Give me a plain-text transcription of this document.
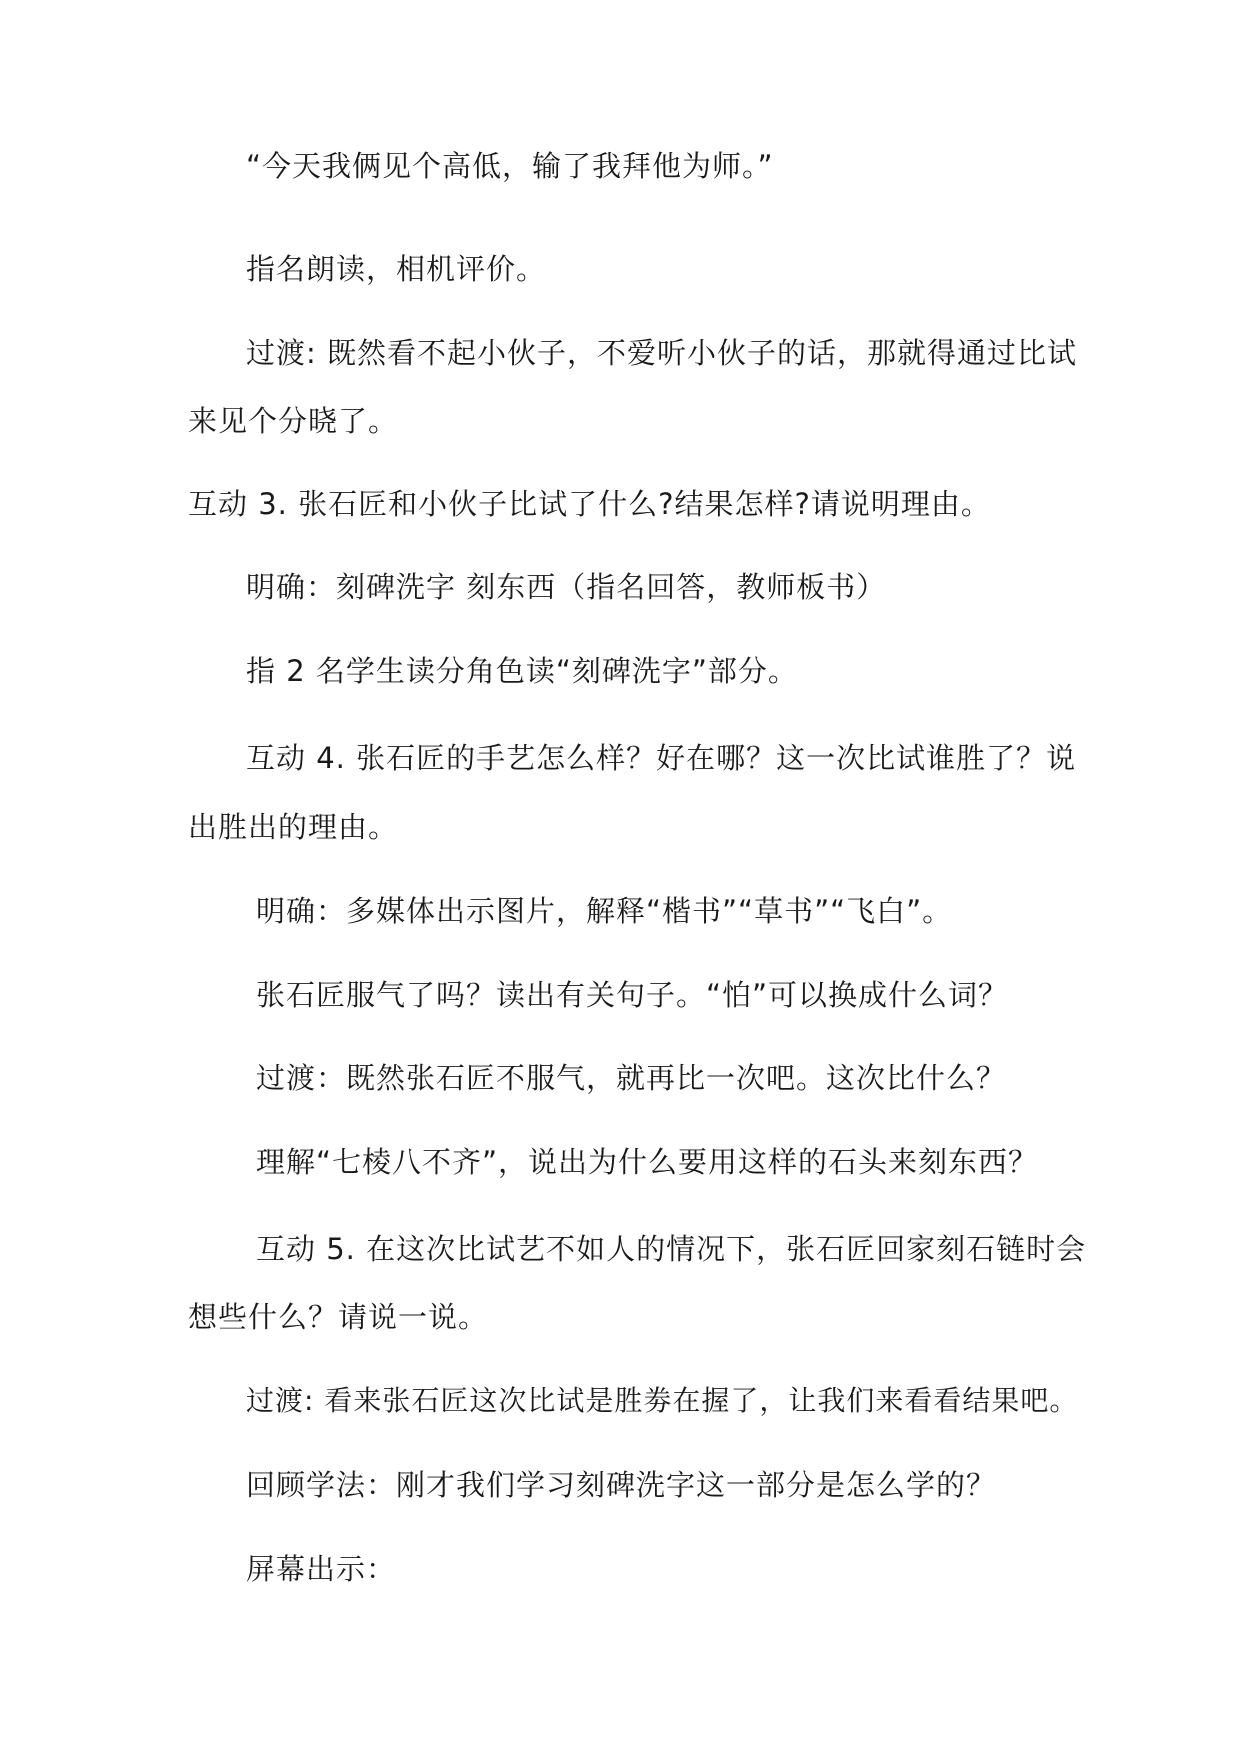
“今天我俩见个高低，输了我拜他为师。”
指名朗读，相机评价。
过渡: 既然看不起小伙子，不爱听小伙子的话，那就得通过比试
来见个分晓了。
互动 3. 张石匠和小伙子比试了什么?结果怎样?请说明理由。
明确：刻碑洗字 刻东西（指名回答，教师板书）
指 2 名学生读分角色读“刻碑洗字”部分。
互动 4. 张石匠的手艺怎么样？好在哪？这一次比试谁胜了？说
出胜出的理由。
明确：多媒体出示图片，解释“楷书”“草书”“飞白”。
张石匠服气了吗？读出有关句子。“怕”可以换成什么词？
过渡：既然张石匠不服气，就再比一次吧。这次比什么？
理解“七棱八不齐”，说出为什么要用这样的石头来刻东西？
互动 5. 在这次比试艺不如人的情况下，张石匠回家刻石链时会
想些什么？请说一说。
过渡: 看来张石匠这次比试是胜劵在握了，让我们来看看结果吧。
回顾学法：刚才我们学习刻碑洗字这一部分是怎么学的？
屏幕出示：
